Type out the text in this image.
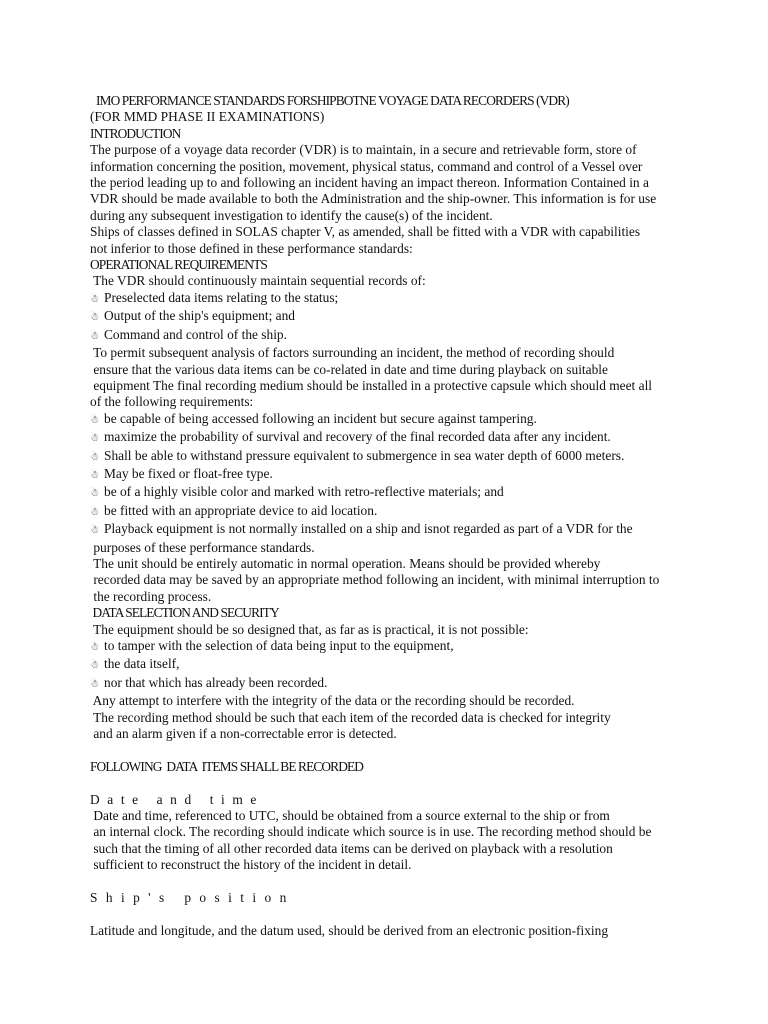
IMO PERFORMANCE STANDARDS FORSHIPBOTNE VOYAGE DATA RECORDERS (VDR)
(FOR MMD PHASE II EXAMINATIONS)
INTRODUCTION
The purpose of a voyage data recorder (VDR) is to maintain, in a secure and retrievable form, store of
information concerning the position, movement, physical status, command and control of a Vessel over
the period leading up to and following an incident having an impact thereon. Information Contained in a
VDR should be made available to both the Administration and the ship-owner. This information is for use
during any subsequent investigation to identify the cause(s) of the incident.
Ships of classes defined in SOLAS chapter V, as amended, shall be fitted with a VDR with capabilities
not inferior to those defined in these performance standards:
OPERATIONAL REQUIREMENTS
The VDR should continuously maintain sequential records of:
☃Preselected data items relating to the status;
☃Output of the ship's equipment; and
☃Command and control of the ship.
To permit subsequent analysis of factors surrounding an incident, the method of recording should
ensure that the various data items can be co-related in date and time during playback on suitable
equipment The final recording medium should be installed in a protective capsule which should meet all
of the following requirements:
☃be capable of being accessed following an incident but secure against tampering.
☃maximize the probability of survival and recovery of the final recorded data after any incident.
☃Shall be able to withstand pressure equivalent to submergence in sea water depth of 6000 meters.
☃May be fixed or float-free type.
☃be of a highly visible color and marked with retro-reflective materials; and
☃be fitted with an appropriate device to aid location.
☃Playback equipment is not normally installed on a ship and isnot regarded as part of a VDR for the
purposes of these performance standards.
The unit should be entirely automatic in normal operation. Means should be provided whereby
recorded data may be saved by an appropriate method following an incident, with minimal interruption to
the recording process.
DATA SELECTION AND SECURITY
The equipment should be so designed that, as far as is practical, it is not possible:
☃to tamper with the selection of data being input to the equipment,
☃the data itself,
☃nor that which has already been recorded.
Any attempt to interfere with the integrity of the data or the recording should be recorded.
The recording method should be such that each item of the recorded data is checked for integrity
and an alarm given if a non-correctable error is detected.
FOLLOWING  DATA  ITEMS SHALL BE RECORDED
Date and time
Date and time, referenced to UTC, should be obtained from a source external to the ship or from
an internal clock. The recording should indicate which source is in use. The recording method should be
such that the timing of all other recorded data items can be derived on playback with a resolution
sufficient to reconstruct the history of the incident in detail.
Ship's position
Latitude and longitude, and the datum used, should be derived from an electronic position-fixing
